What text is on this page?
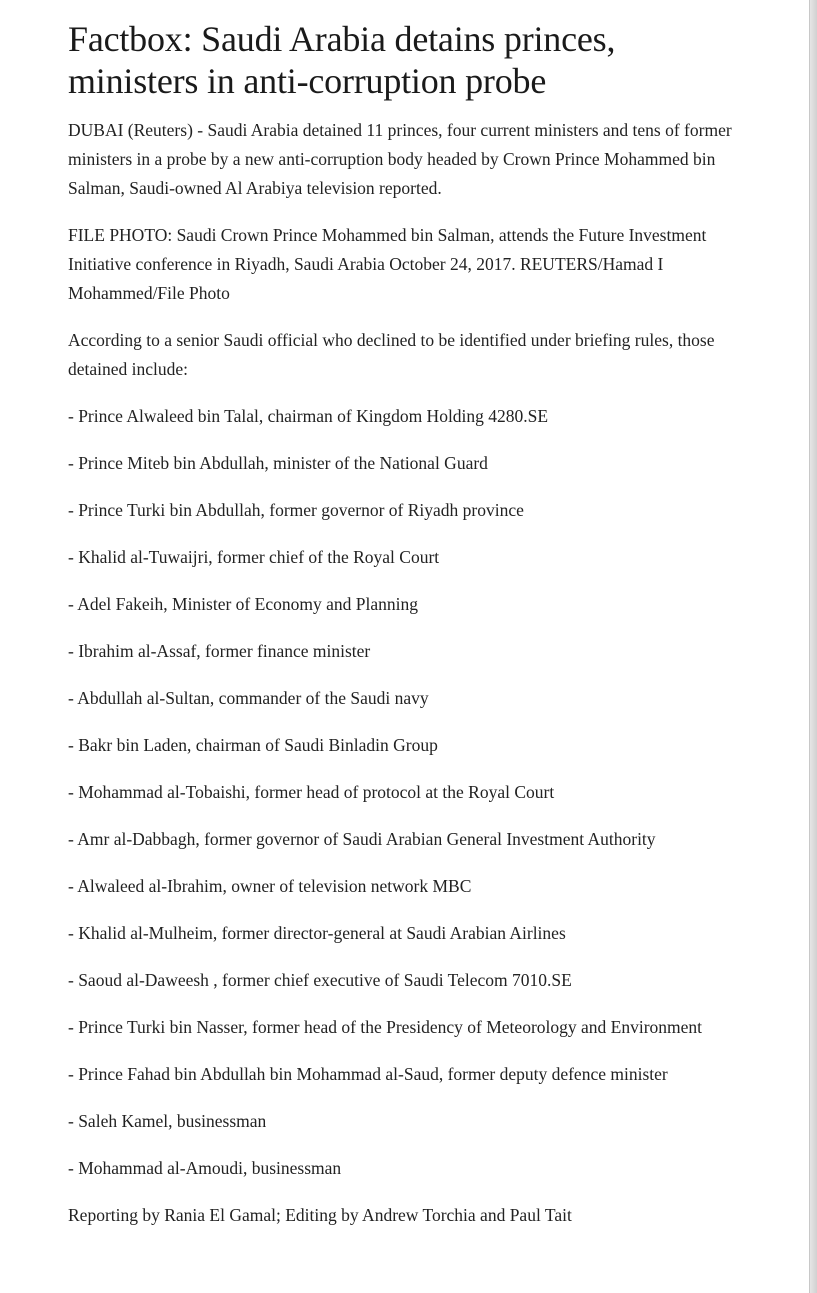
Factbox: Saudi Arabia detains princes, ministers in anti-corruption probe

DUBAI (Reuters) - Saudi Arabia detained 11 princes, four current ministers and tens of former ministers in a probe by a new anti-corruption body headed by Crown Prince Mohammed bin Salman, Saudi-owned Al Arabiya television reported.

FILE PHOTO: Saudi Crown Prince Mohammed bin Salman, attends the Future Investment Initiative conference in Riyadh, Saudi Arabia October 24, 2017. REUTERS/Hamad I Mohammed/File Photo

According to a senior Saudi official who declined to be identified under briefing rules, those detained include:

- Prince Alwaleed bin Talal, chairman of Kingdom Holding 4280.SE

- Prince Miteb bin Abdullah, minister of the National Guard

- Prince Turki bin Abdullah, former governor of Riyadh province

- Khalid al-Tuwaijri, former chief of the Royal Court

- Adel Fakeih, Minister of Economy and Planning

- Ibrahim al-Assaf, former finance minister

- Abdullah al-Sultan, commander of the Saudi navy

- Bakr bin Laden, chairman of Saudi Binladin Group

- Mohammad al-Tobaishi, former head of protocol at the Royal Court

- Amr al-Dabbagh, former governor of Saudi Arabian General Investment Authority

- Alwaleed al-Ibrahim, owner of television network MBC

- Khalid al-Mulheim, former director-general at Saudi Arabian Airlines

- Saoud al-Daweesh , former chief executive of Saudi Telecom 7010.SE

- Prince Turki bin Nasser, former head of the Presidency of Meteorology and Environment

- Prince Fahad bin Abdullah bin Mohammad al-Saud, former deputy defence minister

- Saleh Kamel, businessman

- Mohammad al-Amoudi, businessman

Reporting by Rania El Gamal; Editing by Andrew Torchia and Paul Tait
